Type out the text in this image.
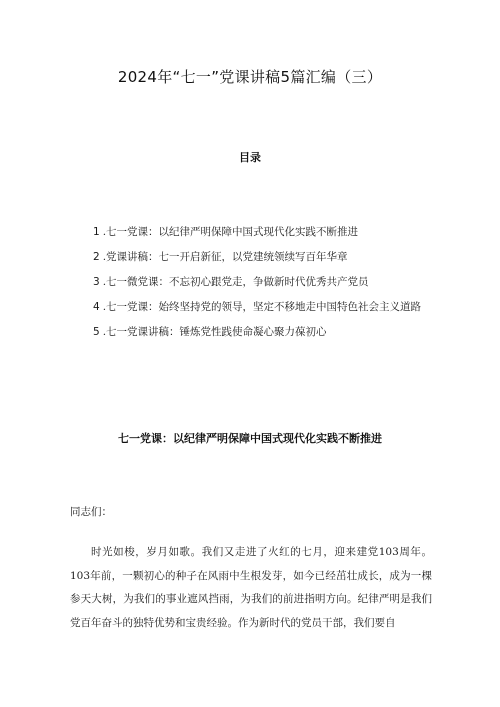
2024年“七一”党课讲稿5篇汇编（三）
目录
1 .七一党课：以纪律严明保障中国式现代化实践不断推进
2 .党课讲稿：七一开启新征，以党建统领续写百年华章
3 .七一微党课：不忘初心跟党走，争做新时代优秀共产党员
4 .七一党课：始终坚持党的领导，坚定不移地走中国特色社会主义道路
5 .七一党课讲稿：锤炼党性践使命凝心聚力葆初心
七一党课：以纪律严明保障中国式现代化实践不断推进
同志们：

时光如梭，岁月如歌。我们又走进了火红的七月，迎来建党103周年。103年前，一颗初心的种子在风雨中生根发芽，如今已经茁壮成长，成为一棵参天大树，为我们的事业遮风挡雨，为我们的前进指明方向。纪律严明是我们党百年奋斗的独特优势和宝贵经验。作为新时代的党员干部，我们要自
